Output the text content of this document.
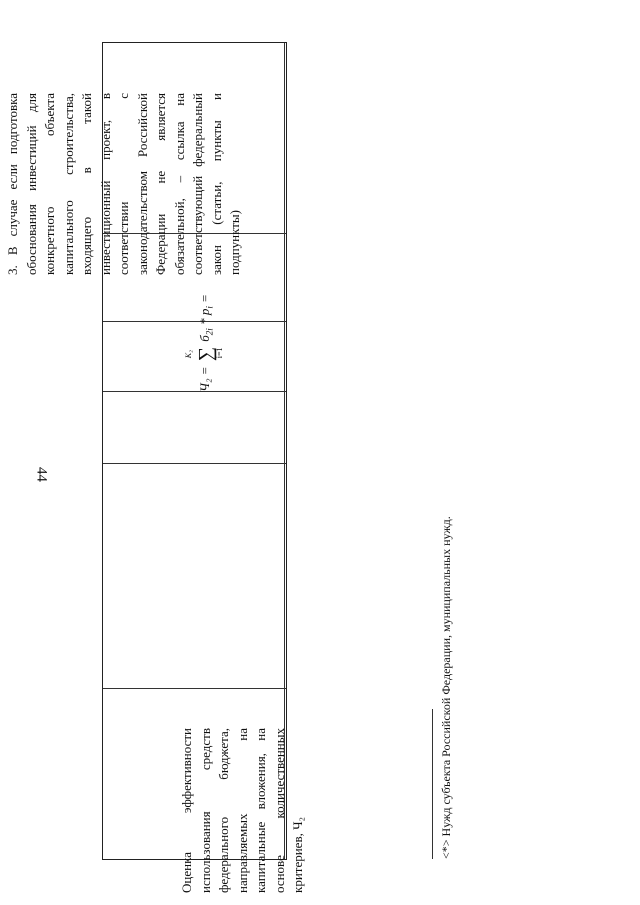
44
Оценка эффективности использования средств федерального бюджета, направляемых на капитальные вложения, на основе количественных критериев, Ч₂
Ч₂ = ∑
K₂	i=1
$б_{2i} * p_i$ =
3. В случае если подготовка обоснования инвестиций для конкретного объекта капитального строительства, входящего в такой инвестиционный проект, в соответствии с законодательством Российской Федерации не является обязательной, – ссылка на соответствующий федеральный закон (статьи, пункты и подпункты)
<*> Нужд субъекта Российской Федерации, муниципальных нужд.
